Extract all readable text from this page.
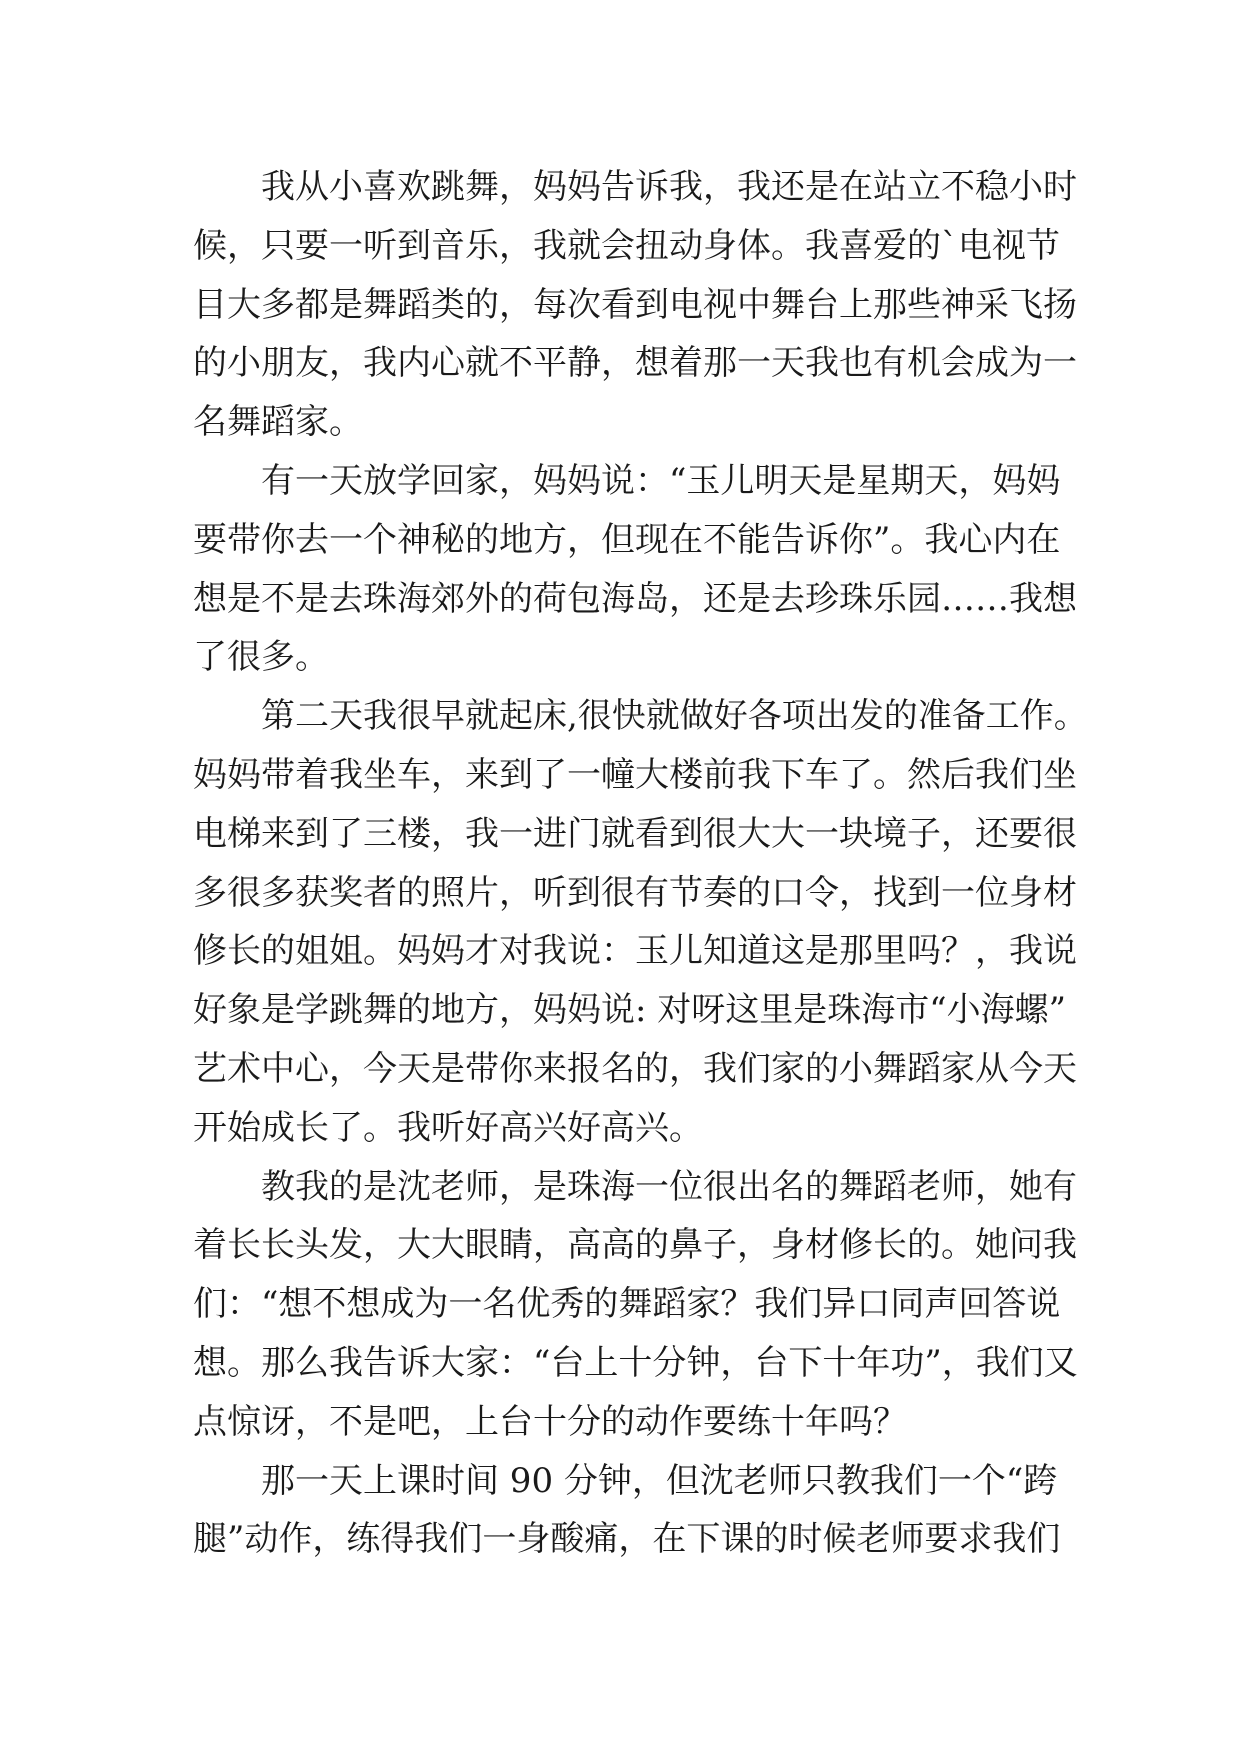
我从小喜欢跳舞，妈妈告诉我，我还是在站立不稳小时
候，只要一听到音乐，我就会扭动身体。我喜爱的`电视节
目大多都是舞蹈类的，每次看到电视中舞台上那些神采飞扬
的小朋友，我内心就不平静，想着那一天我也有机会成为一
名舞蹈家。
有一天放学回家，妈妈说：“玉儿明天是星期天，妈妈
要带你去一个神秘的地方，但现在不能告诉你”。我心内在
想是不是去珠海郊外的荷包海岛，还是去珍珠乐园……我想
了很多。
第二天我很早就起床,很快就做好各项出发的准备工作。
妈妈带着我坐车，来到了一幢大楼前我下车了。然后我们坐
电梯来到了三楼，我一进门就看到很大大一块境子，还要很
多很多获奖者的照片，听到很有节奏的口令，找到一位身材
修长的姐姐。妈妈才对我说：玉儿知道这是那里吗？，我说
好象是学跳舞的地方，妈妈说: 对呀这里是珠海市“小海螺”
艺术中心，今天是带你来报名的，我们家的小舞蹈家从今天
开始成长了。我听好高兴好高兴。
教我的是沈老师，是珠海一位很出名的舞蹈老师，她有
着长长头发，大大眼睛，高高的鼻子，身材修长的。她问我
们：“想不想成为一名优秀的舞蹈家？我们异口同声回答说
想。那么我告诉大家：“台上十分钟，台下十年功”，我们又
点惊讶，不是吧，上台十分的动作要练十年吗？
那一天上课时间 90 分钟，但沈老师只教我们一个“跨
腿”动作，练得我们一身酸痛，在下课的时候老师要求我们
